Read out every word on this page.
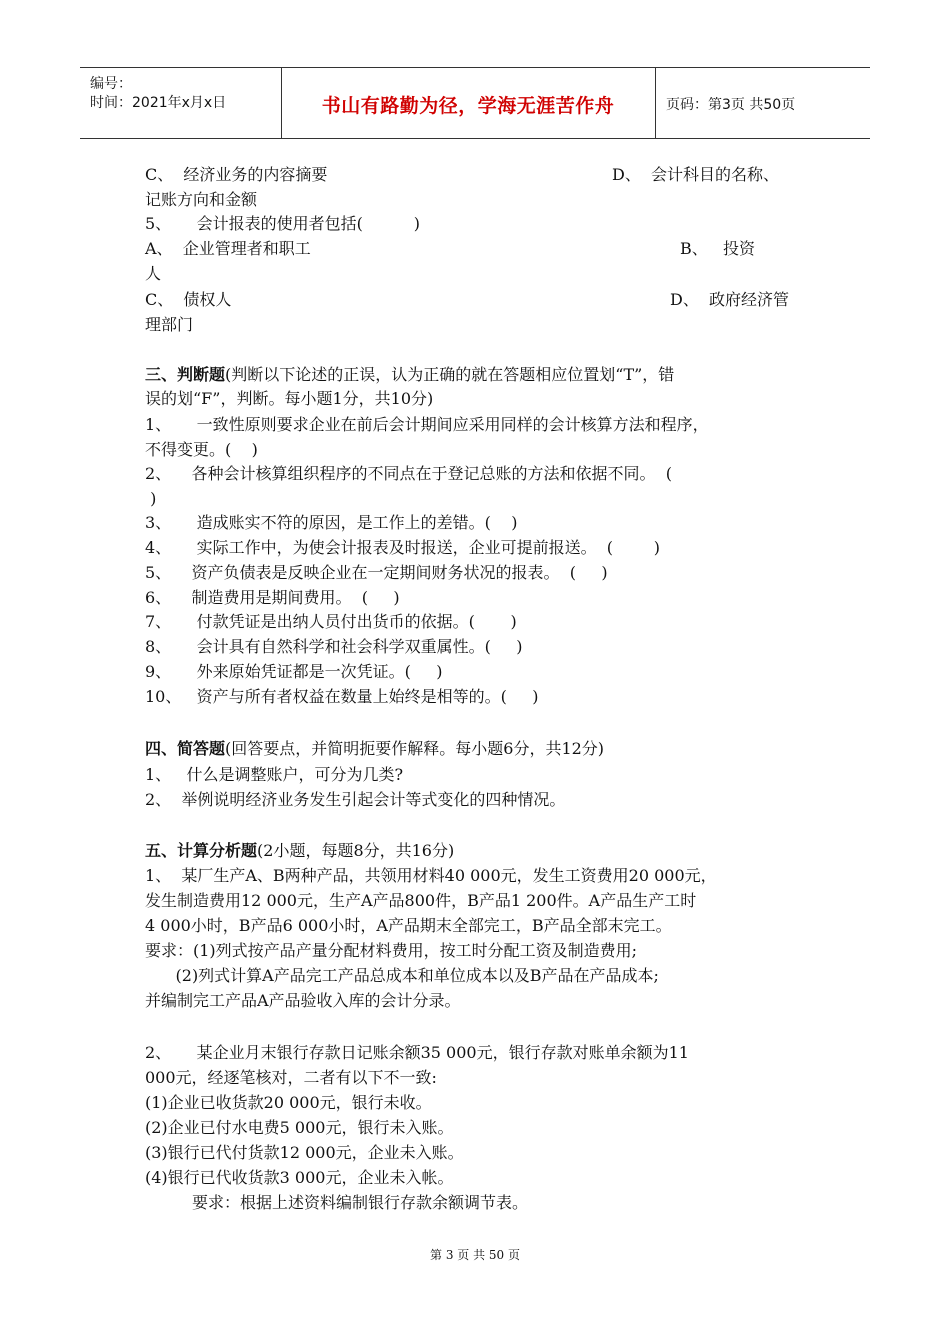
编号：
时间：2021年x月x日	书山有路勤为径，学海无涯苦作舟	页码：第3页 共50页
C、  经济业务的内容摘要	D、  会计科目的名称、
记账方向和金额
5、     会计报表的使用者包括(          )
A、  企业管理者和职工	B、   投资
人
C、  债权人	D、  政府经济管
理部门
三、判断题(判断以下论述的正误，认为正确的就在答题相应位置划“T”，错
误的划“F”，判断。每小题1分，共10分)
1、     一致性原则要求企业在前后会计期间应采用同样的会计核算方法和程序，
不得变更。(    )
2、    各种会计核算组织程序的不同点在于登记总账的方法和依据不同。  (
)
3、     造成账实不符的原因，是工作上的差错。(    )
4、     实际工作中，为使会计报表及时报送，企业可提前报送。  (        )
5、    资产负债表是反映企业在一定期间财务状况的报表。  (     )
6、    制造费用是期间费用。  (     )
7、     付款凭证是出纳人员付出货币的依据。(       )
8、     会计具有自然科学和社会科学双重属性。(     )
9、     外来原始凭证都是一次凭证。(     )
10、   资产与所有者权益在数量上始终是相等的。(     )
四、简答题(回答要点，并简明扼要作解释。每小题6分，共12分)
1、   什么是调整账户，可分为几类?
2、  举例说明经济业务发生引起会计等式变化的四种情况。
五、计算分析题(2小题，每题8分，共16分)
1、  某厂生产A、B两种产品，共领用材料40 000元，发生工资费用20 000元，
发生制造费用12 000元，生产A产品800件，B产品1 200件。A产品生产工时
4 000小时，B产品6 000小时，A产品期末全部完工，B产品全部末完工。
要求：(1)列式按产品产量分配材料费用，按工时分配工资及制造费用;
(2)列式计算A产品完工产品总成本和单位成本以及B产品在产品成本;
并编制完工产品A产品验收入库的会计分录。
2、     某企业月末银行存款日记账余额35 000元，银行存款对账单余额为11
000元，经逐笔核对，二者有以下不一致:
(1)企业已收货款20 000元，银行未收。
(2)企业已付水电费5 000元，银行未入账。
(3)银行已代付货款12 000元，企业未入账。
(4)银行已代收货款3 000元，企业未入帐。
要求：根据上述资料编制银行存款余额调节表。
第 3 页 共 50 页
